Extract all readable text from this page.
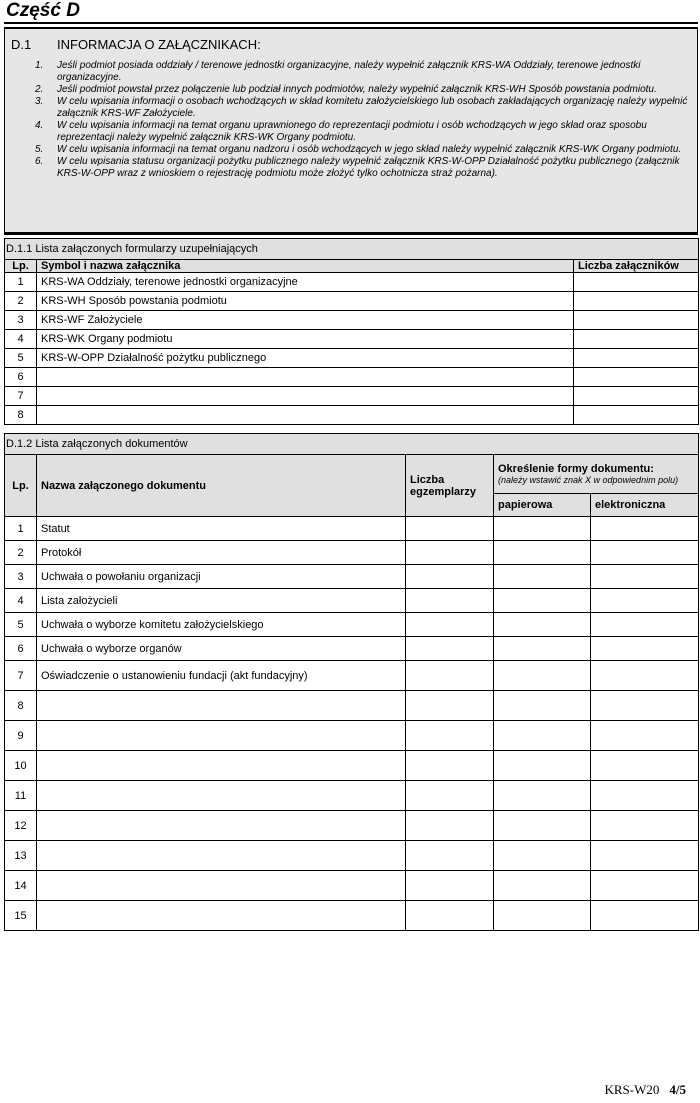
Część D
D.1 INFORMACJA O ZAŁĄCZNIKACH:
1. Jeśli podmiot posiada oddziały / terenowe jednostki organizacyjne, należy wypełnić załącznik KRS-WA Oddziały, terenowe jednostki organizacyjne.
2. Jeśli podmiot powstał przez połączenie lub podział innych podmiotów, należy wypełnić załącznik KRS-WH Sposób powstania podmiotu.
3. W celu wpisania informacji o osobach wchodzących w skład komitetu założycielskiego lub osobach zakładających organizację należy wypełnić załącznik KRS-WF Założyciele.
4. W celu wpisania informacji na temat organu uprawnionego do reprezentacji podmiotu i osób wchodzących w jego skład oraz sposobu reprezentacji należy wypełnić załącznik KRS-WK Organy podmiotu.
5. W celu wpisania informacji na temat organu nadzoru i osób wchodzących w jego skład należy wypełnić załącznik KRS-WK Organy podmiotu.
6. W celu wpisania statusu organizacji pożytku publicznego należy wypełnić załącznik KRS-W-OPP Działalność pożytku publicznego (załącznik KRS-W-OPP wraz z wnioskiem o rejestrację podmiotu może złożyć tylko ochotnicza straż pożarna).
D.1.1 Lista załączonych formularzy uzupełniających		
Lp.	Symbol i nazwa załącznika	Liczba załączników
1	KRS-WA Oddziały, terenowe jednostki organizacyjne	
2	KRS-WH Sposób powstania podmiotu	
3	KRS-WF Założyciele	
4	KRS-WK Organy podmiotu	
5	KRS-W-OPP Działalność pożytku publicznego	
6		
7		
8		
D.1.2 Lista załączonych dokumentów				
Lp.	Nazwa załączonego dokumentu	Liczba egzemplarzy	Określenie formy dokumentu:
(należy wstawić znak X w odpowiednim polu)	

			papierowa	elektroniczna
1	Statut			
2	Protokół			
3	Uchwała o powołaniu organizacji			
4	Lista założycieli			
5	Uchwała o wyborze komitetu założycielskiego			
6	Uchwała o wyborze organów			
7	Oświadczenie o ustanowieniu fundacji (akt fundacyjny)			
8				
9				
10				
11				
12				
13				
14				
15				
KRS-W20 4/5
